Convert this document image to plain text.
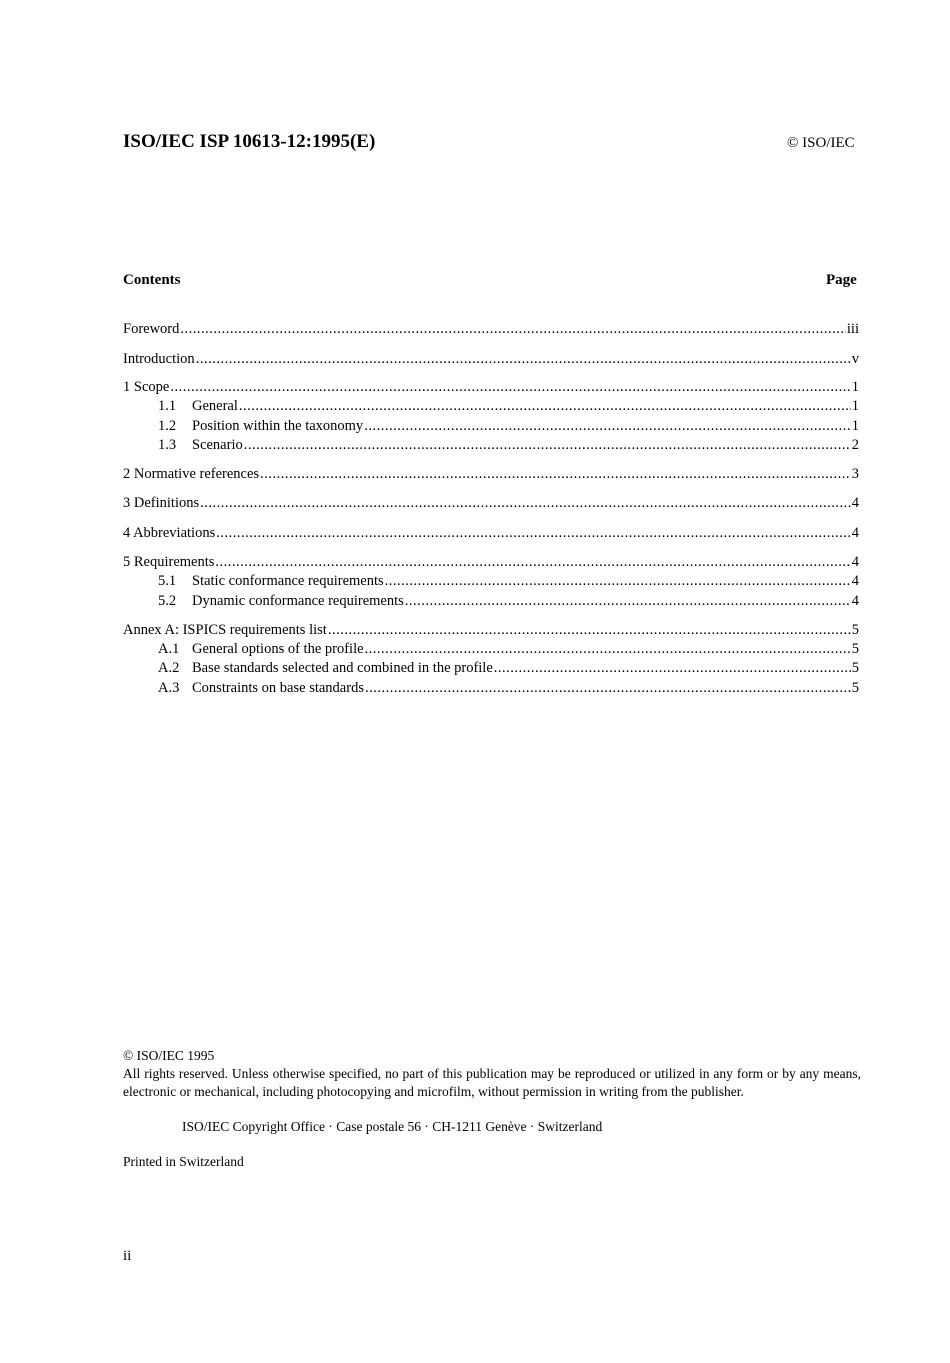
ISO/IEC ISP 10613-12:1995(E)	© ISO/IEC
Contents	Page
Foreword .....	iii
Introduction .....	v
1 Scope .....	1
1.1	General .....	1
1.2	Position within the taxonomy .....	1
1.3	Scenario .....	2
2 Normative references .....	3
3 Definitions .....	4
4 Abbreviations .....	4
5 Requirements .....	4
5.1	Static conformance requirements .....	4
5.2	Dynamic conformance requirements .....	4
Annex A: ISPICS requirements list .....	5
A.1 General options of the profile .....	5
A.2 Base standards selected and combined in the profile .....	5
A.3 Constraints on base standards .....	5
© ISO/IEC 1995
All rights reserved. Unless otherwise specified, no part of this publication may be reproduced or utilized in any form or by any means, electronic or mechanical, including photocopying and microfilm, without permission in writing from the publisher.
ISO/IEC Copyright Office · Case postale 56 · CH-1211 Genève · Switzerland
Printed in Switzerland
ii
